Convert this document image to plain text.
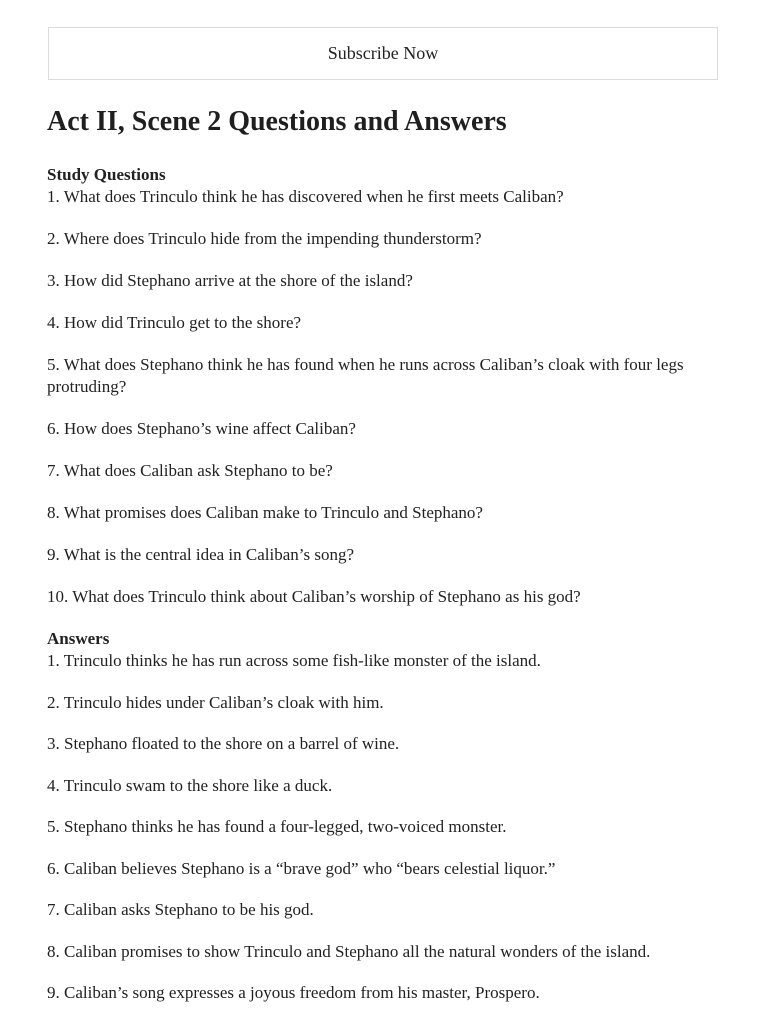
Subscribe Now
Act II, Scene 2 Questions and Answers
Study Questions
1. What does Trinculo think he has discovered when he first meets Caliban?
2. Where does Trinculo hide from the impending thunderstorm?
3. How did Stephano arrive at the shore of the island?
4. How did Trinculo get to the shore?
5. What does Stephano think he has found when he runs across Caliban’s cloak with four legs protruding?
6. How does Stephano’s wine affect Caliban?
7. What does Caliban ask Stephano to be?
8. What promises does Caliban make to Trinculo and Stephano?
9. What is the central idea in Caliban’s song?
10. What does Trinculo think about Caliban’s worship of Stephano as his god?
Answers
1. Trinculo thinks he has run across some fish-like monster of the island.
2. Trinculo hides under Caliban’s cloak with him.
3. Stephano floated to the shore on a barrel of wine.
4. Trinculo swam to the shore like a duck.
5. Stephano thinks he has found a four-legged, two-voiced monster.
6. Caliban believes Stephano is a “brave god” who “bears celestial liquor.”
7. Caliban asks Stephano to be his god.
8. Caliban promises to show Trinculo and Stephano all the natural wonders of the island.
9. Caliban’s song expresses a joyous freedom from his master, Prospero.
